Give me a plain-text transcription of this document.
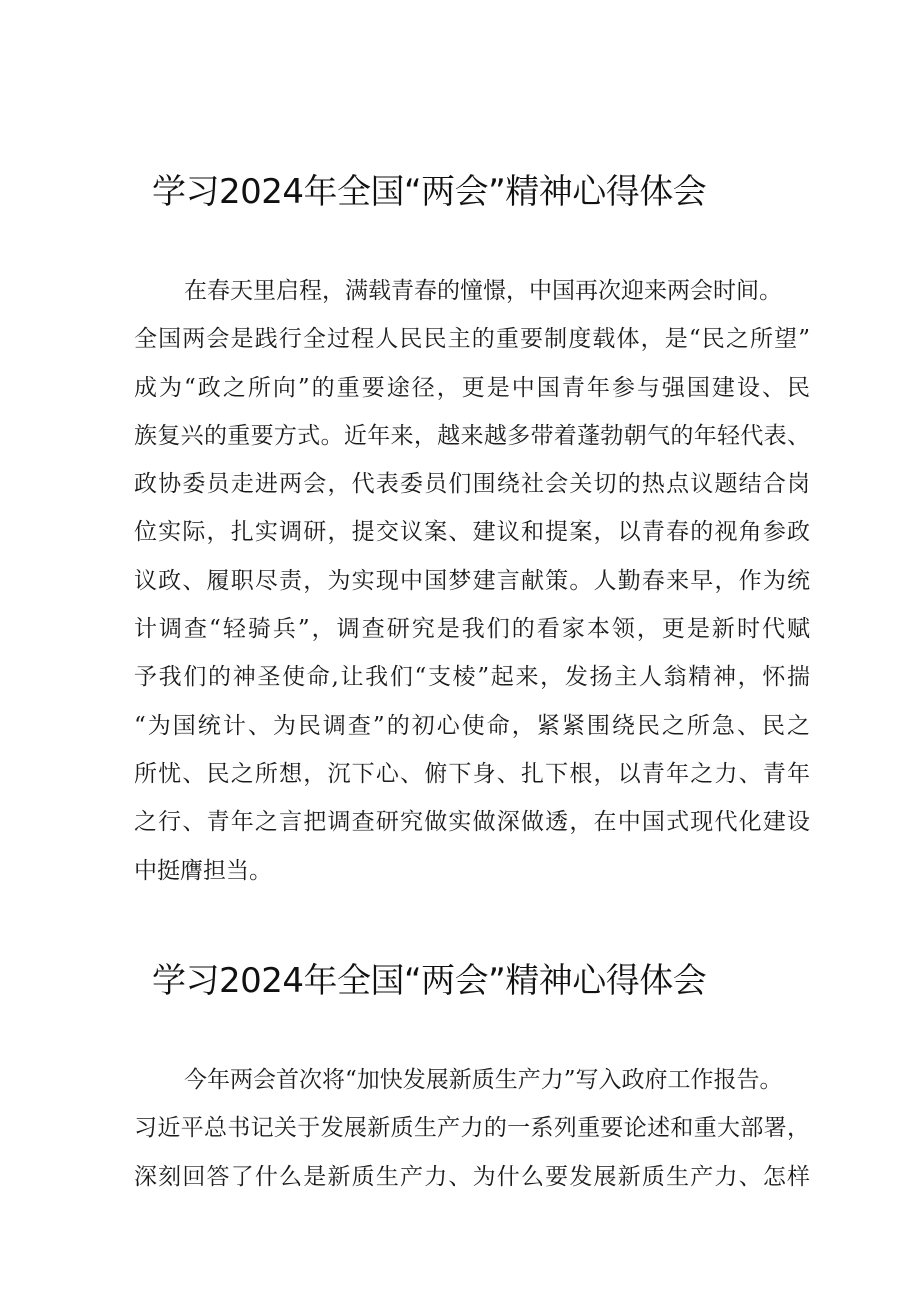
学习2024年全国“两会”精神心得体会
在春天里启程，满载青春的憧憬，中国再次迎来两会时间。
全国两会是践行全过程人民民主的重要制度载体，是“民之所望”
成为“政之所向”的重要途径，更是中国青年参与强国建设、民
族复兴的重要方式。近年来，越来越多带着蓬勃朝气的年轻代表、
政协委员走进两会，代表委员们围绕社会关切的热点议题结合岗
位实际，扎实调研，提交议案、建议和提案，以青春的视角参政
议政、履职尽责，为实现中国梦建言献策。人勤春来早，作为统
计调查“轻骑兵”，调查研究是我们的看家本领，更是新时代赋
予我们的神圣使命,让我们“支棱”起来，发扬主人翁精神，怀揣
“为国统计、为民调查”的初心使命，紧紧围绕民之所急、民之
所忧、民之所想，沉下心、俯下身、扎下根，以青年之力、青年
之行、青年之言把调查研究做实做深做透，在中国式现代化建设
中挺膺担当。
学习2024年全国“两会”精神心得体会
今年两会首次将“加快发展新质生产力”写入政府工作报告。
习近平总书记关于发展新质生产力的一系列重要论述和重大部署，
深刻回答了什么是新质生产力、为什么要发展新质生产力、怎样
